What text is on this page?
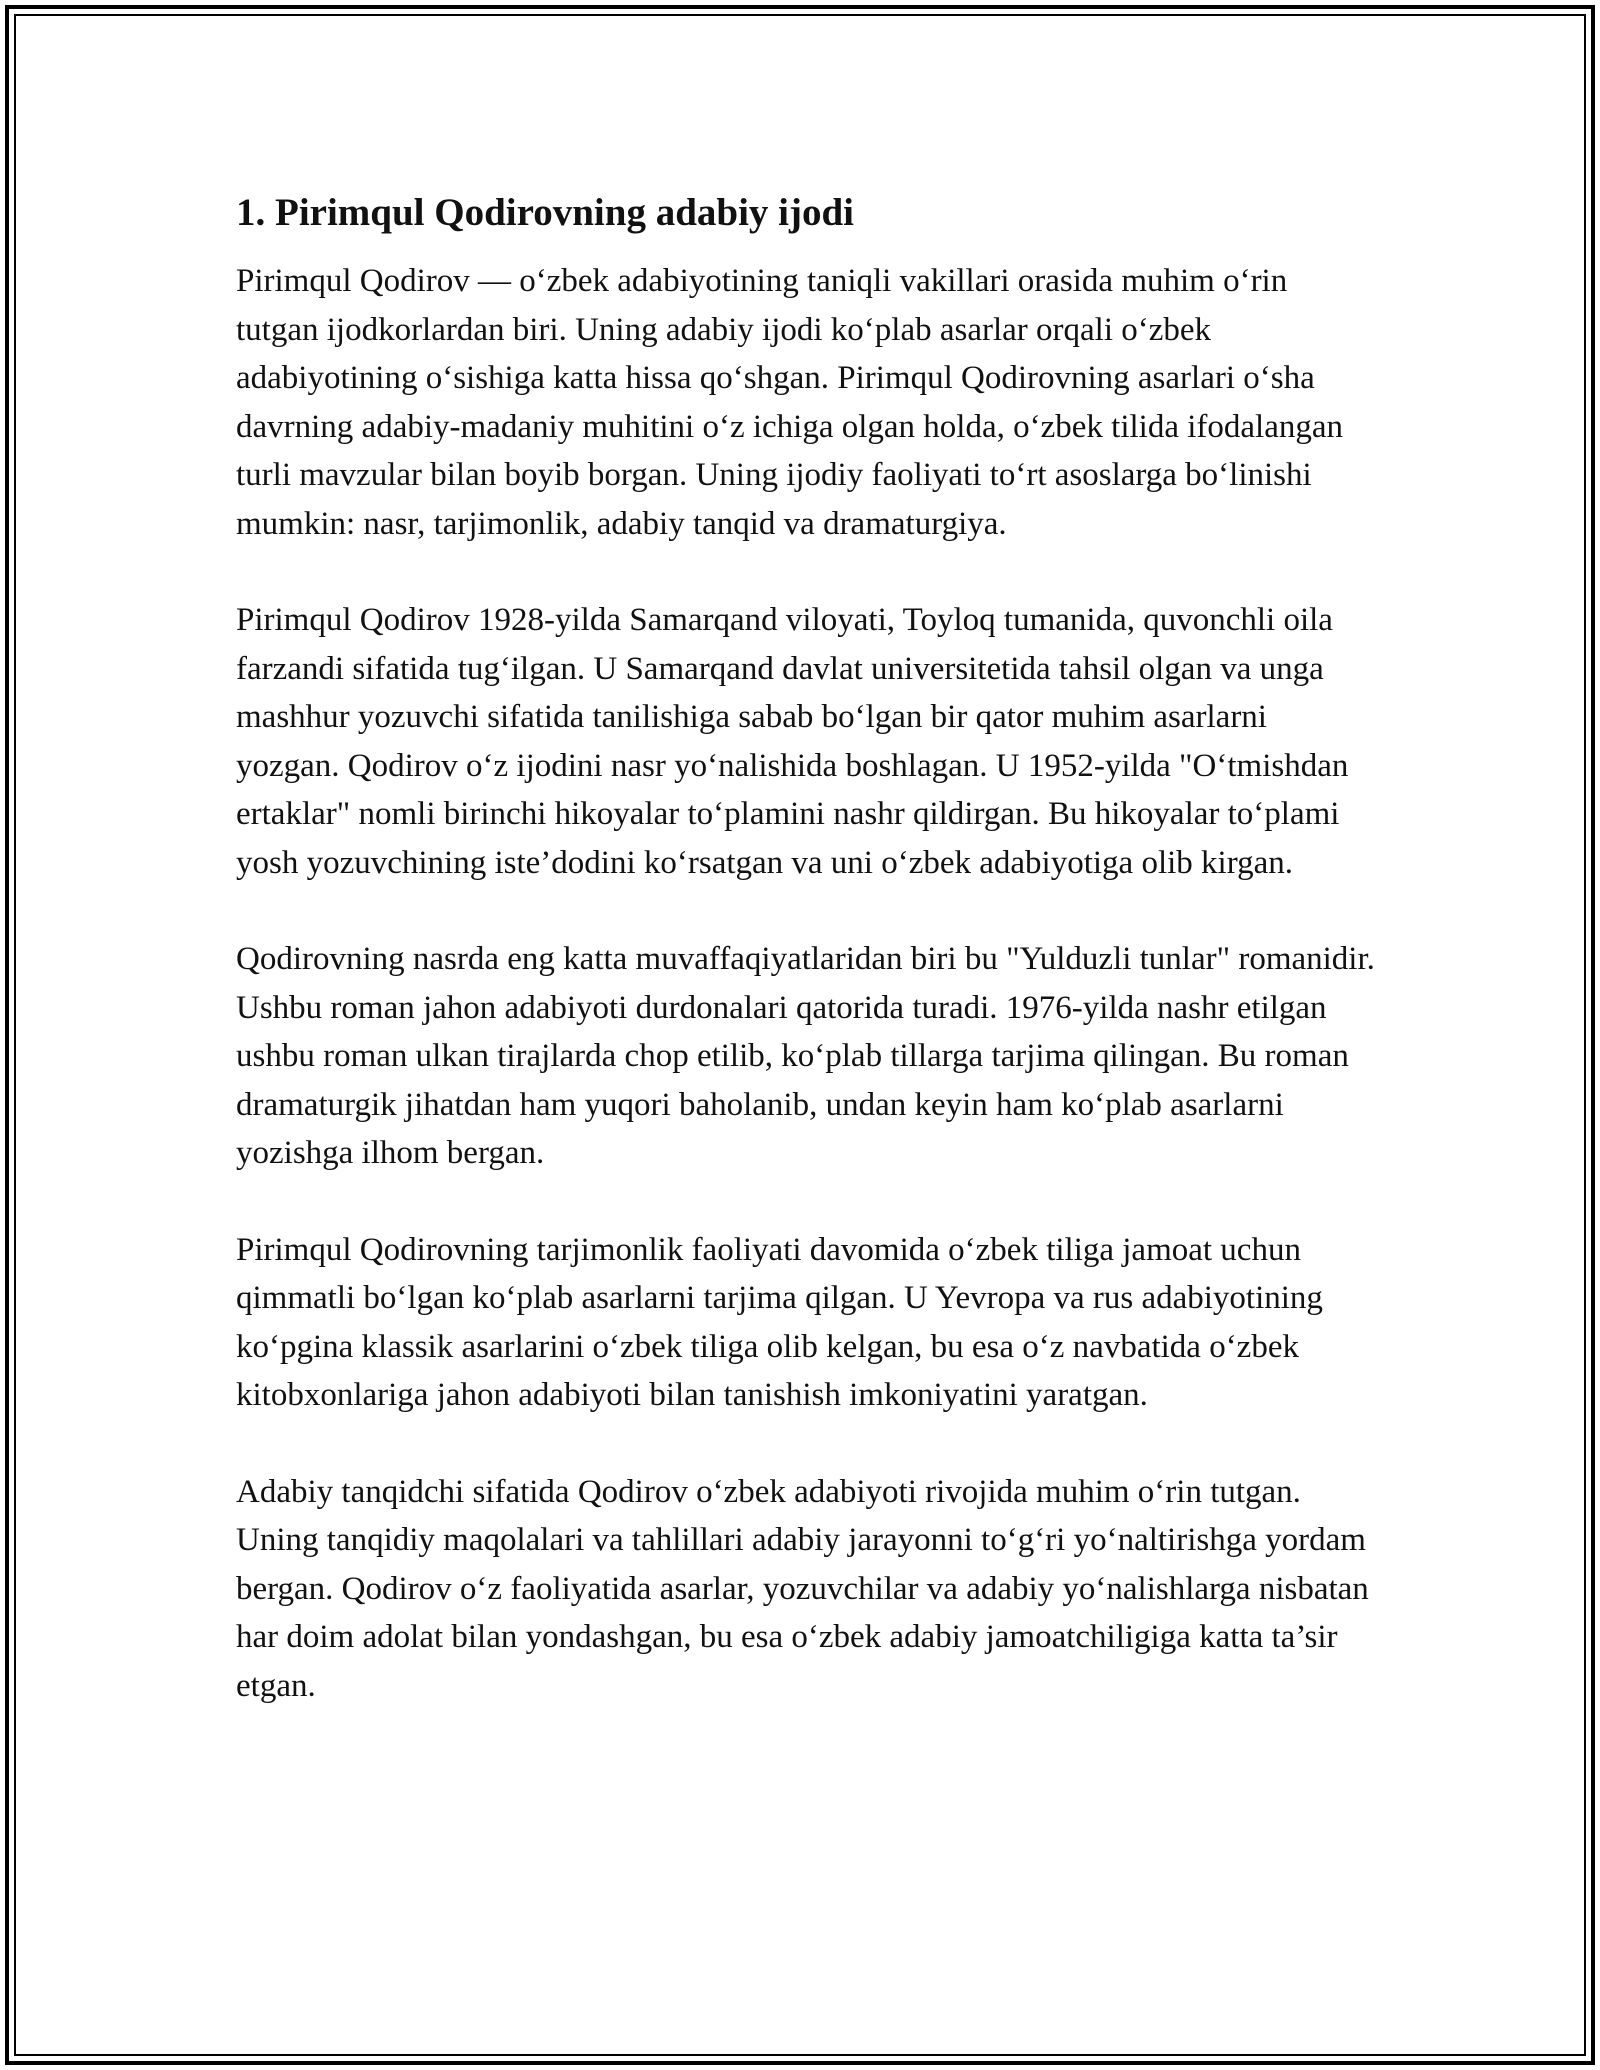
1. Pirimqul Qodirovning adabiy ijodi

Pirimqul Qodirov — o‘zbek adabiyotining taniqli vakillari orasida muhim o‘rin tutgan ijodkorlardan biri. Uning adabiy ijodi ko‘plab asarlar orqali o‘zbek adabiyotining o‘sishiga katta hissa qo‘shgan. Pirimqul Qodirovning asarlari o‘sha davrning adabiy-madaniy muhitini o‘z ichiga olgan holda, o‘zbek tilida ifodalangan turli mavzular bilan boyib borgan. Uning ijodiy faoliyati to‘rt asoslarga bo‘linishi mumkin: nasr, tarjimonlik, adabiy tanqid va dramaturgiya.

Pirimqul Qodirov 1928-yilda Samarqand viloyati, Toyloq tumanida, quvonchli oila farzandi sifatida tug‘ilgan. U Samarqand davlat universitetida tahsil olgan va unga mashhur yozuvchi sifatida tanilishiga sabab bo‘lgan bir qator muhim asarlarni yozgan. Qodirov o‘z ijodini nasr yo‘nalishida boshlagan. U 1952-yilda "O‘tmishdan ertaklar" nomli birinchi hikoyalar to‘plamini nashr qildirgan. Bu hikoyalar to‘plami yosh yozuvchining iste’dodini ko‘rsatgan va uni o‘zbek adabiyotiga olib kirgan.

Qodirovning nasrda eng katta muvaffaqiyatlaridan biri bu "Yulduzli tunlar" romanidir. Ushbu roman jahon adabiyoti durdonalari qatorida turadi. 1976-yilda nashr etilgan ushbu roman ulkan tirajlarda chop etilib, ko‘plab tillarga tarjima qilingan. Bu roman dramaturgik jihatdan ham yuqori baholanib, undan keyin ham ko‘plab asarlarni yozishga ilhom bergan.

Pirimqul Qodirovning tarjimonlik faoliyati davomida o‘zbek tiliga jamoat uchun qimmatli bo‘lgan ko‘plab asarlarni tarjima qilgan. U Yevropa va rus adabiyotining ko‘pgina klassik asarlarini o‘zbek tiliga olib kelgan, bu esa o‘z navbatida o‘zbek kitobxonlariga jahon adabiyoti bilan tanishish imkoniyatini yaratgan.

Adabiy tanqidchi sifatida Qodirov o‘zbek adabiyoti rivojida muhim o‘rin tutgan. Uning tanqidiy maqolalari va tahlillari adabiy jarayonni to‘g‘ri yo‘naltirishga yordam bergan. Qodirov o‘z faoliyatida asarlar, yozuvchilar va adabiy yo‘nalishlarga nisbatan har doim adolat bilan yondashgan, bu esa o‘zbek adabiy jamoatchiligiga katta ta’sir etgan.
